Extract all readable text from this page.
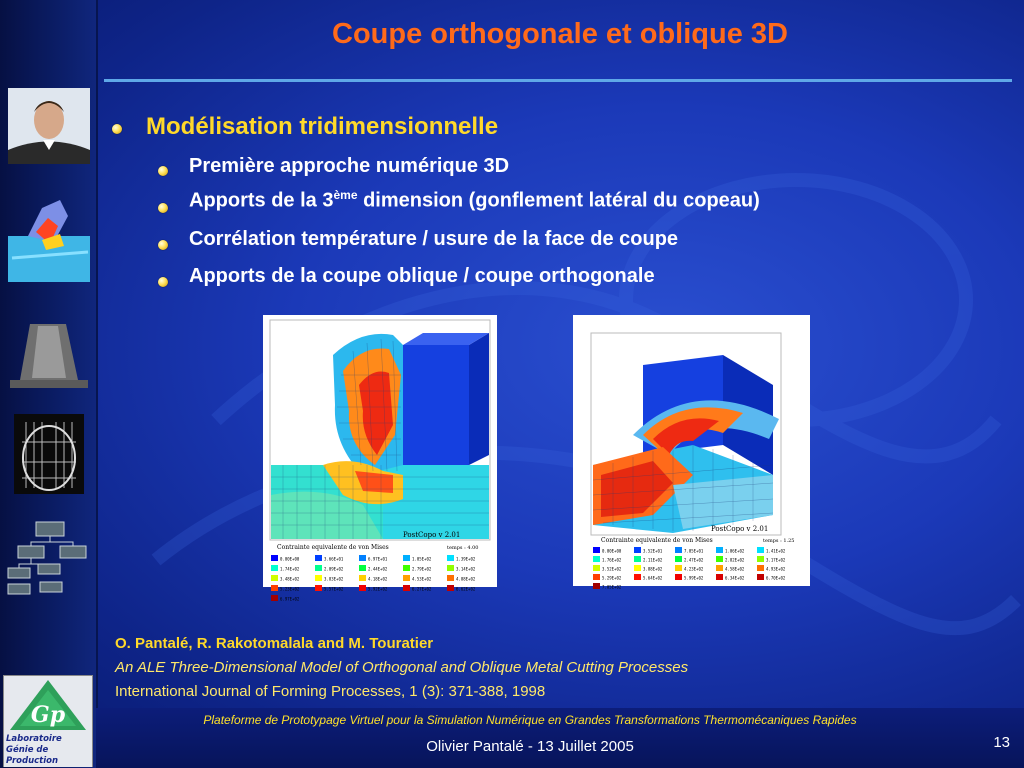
Gp
Laboratoire
Génie de Production
Coupe orthogonale et oblique 3D
Modélisation tridimensionnelle
Première approche numérique 3D
Apports de la 3ème dimension (gonflement latéral du copeau)
Corrélation température / usure de la face de coupe
Apports de la coupe oblique / coupe orthogonale
PostCopo v 2.01
Contrainte equivalente de von Mises	temps : 4.00
0.00E+00	3.66E+01	6.97E+01	1.05E+02	1.39E+02
1.74E+02	2.09E+02	2.44E+02	2.79E+02	3.14E+02
3.48E+02	3.83E+02	4.18E+02	4.53E+02	4.88E+02
5.23E+02	5.57E+02	5.92E+02	6.27E+02	6.62E+02
6.97E+02
PostCopo v 2.01
Contrainte equivalente de von Mises	temps : 1.25
0.00E+00	3.52E+01	7.05E+01	1.06E+02	1.41E+02
1.76E+02	2.11E+02	2.47E+02	2.82E+02	3.17E+02
3.52E+02	3.88E+02	4.23E+02	4.58E+02	4.93E+02
5.29E+02	5.64E+02	5.99E+02	6.34E+02	6.70E+02
7.05E+02
O. Pantalé, R. Rakotomalala and M. Touratier
An ALE Three-Dimensional Model of Orthogonal and Oblique Metal Cutting Processes
International Journal of Forming Processes, 1 (3): 371-388, 1998
Plateforme de Prototypage Virtuel pour la Simulation Numérique en Grandes Transformations Thermomécaniques Rapides
Olivier Pantalé - 13 Juillet 2005	13
